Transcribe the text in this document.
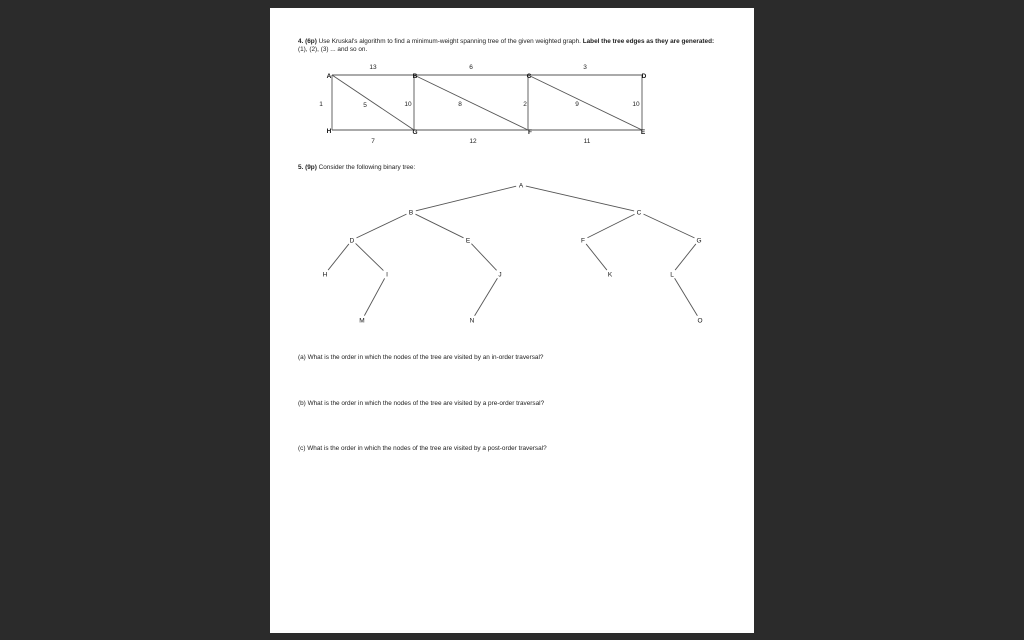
4. (6p) Use Kruskal's algorithm to find a minimum-weight spanning tree of the given weighted graph. Label the tree edges as they are generated: (1), (2), (3) ... and so on.
13	6	3
1	5	10	8	2	9	10
7	12	11
A	B	C	D
H	G	F	E
5. (9p) Consider the following binary tree:
A
B	C
D	E	F	G
H	I	J	K	L
M	N	O
(a) What is the order in which the nodes of the tree are visited by an in-order traversal?
(b) What is the order in which the nodes of the tree are visited by a pre-order traversal?
(c) What is the order in which the nodes of the tree are visited by a post-order traversal?
